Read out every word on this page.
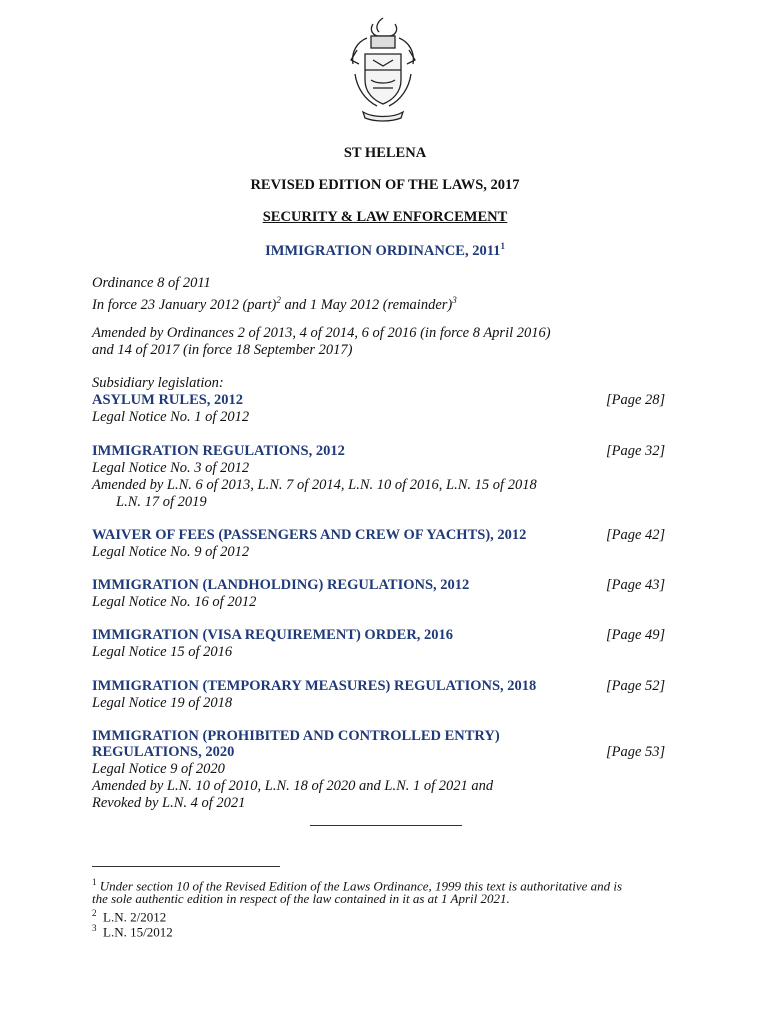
ST HELENA
REVISED EDITION OF THE LAWS, 2017
SECURITY & LAW ENFORCEMENT
IMMIGRATION ORDINANCE, 2011$^1$
Ordinance 8 of 2011
In force 23 January 2012 (part)$^2$ and 1 May 2012 (remainder)$^3$
Amended by Ordinances 2 of 2013, 4 of 2014, 6 of 2016 (in force 8 April 2016)
and 14 of 2017 (in force 18 September 2017)
Subsidiary legislation:
ASYLUM RULES, 2012	[Page 28]
Legal Notice No. 1 of 2012
IMMIGRATION REGULATIONS, 2012	[Page 32]
Legal Notice No. 3 of 2012
Amended by L.N. 6 of 2013, L.N. 7 of 2014, L.N. 10 of 2016, L.N. 15 of 2018
L.N. 17 of 2019
WAIVER OF FEES (PASSENGERS AND CREW OF YACHTS), 2012	[Page 42]
Legal Notice No. 9 of 2012
IMMIGRATION (LANDHOLDING) REGULATIONS, 2012	[Page 43]
Legal Notice No. 16 of 2012
IMMIGRATION (VISA REQUIREMENT) ORDER, 2016	[Page 49]
Legal Notice 15 of 2016
IMMIGRATION (TEMPORARY MEASURES) REGULATIONS, 2018	[Page 52]
Legal Notice 19 of 2018
IMMIGRATION (PROHIBITED AND CONTROLLED ENTRY)
REGULATIONS, 2020	[Page 53]
Legal Notice 9 of 2020
Amended by L.N. 10 of 2010, L.N. 18 of 2020 and L.N. 1 of 2021 and
Revoked by L.N. 4 of 2021
$^1$ Under section 10 of the Revised Edition of the Laws Ordinance, 1999 this text is authoritative and is
the sole authentic edition in respect of the law contained in it as at 1 April 2021.
$^2$ L.N. 2/2012
$^3$ L.N. 15/2012
